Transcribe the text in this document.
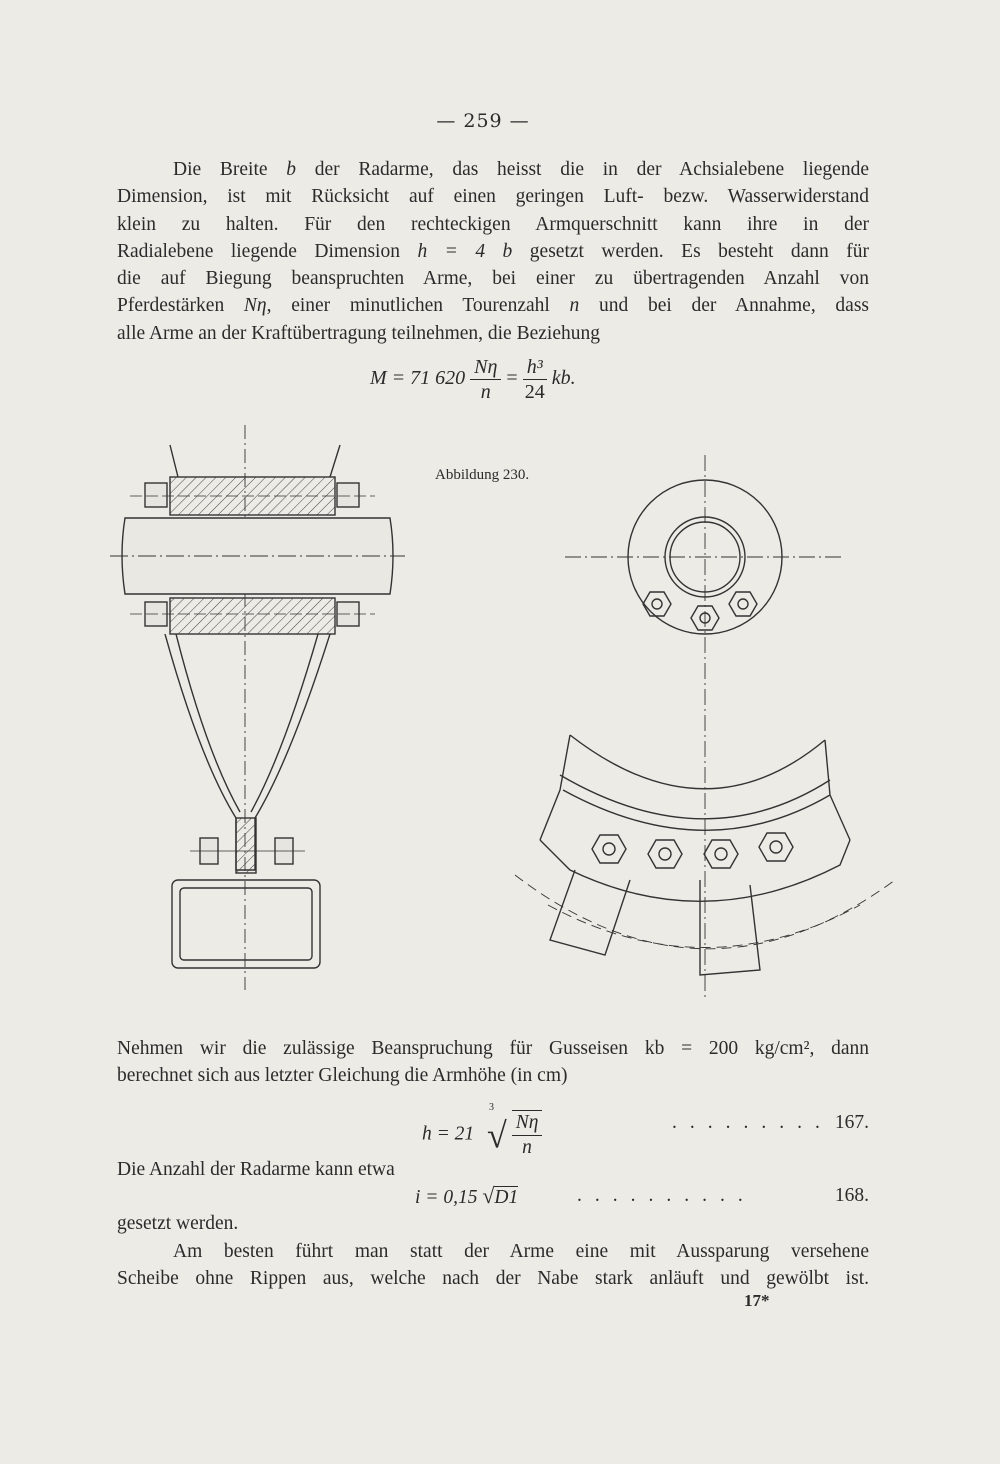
— 259 —
Die Breite b der Radarme, das heisst die in der Achsialebene liegende
Dimension, ist mit Rücksicht auf einen geringen Luft- bezw. Wasserwiderstand
klein zu halten. Für den rechteckigen Armquerschnitt kann ihre in der
Radialebene liegende Dimension h = 4 b gesetzt werden. Es besteht dann für
die auf Biegung beanspruchten Arme, bei einer zu übertragenden Anzahl von
Pferdestärken Nη, einer minutlichen Tourenzahl n und bei der Annahme, dass
alle Arme an der Kraftübertragung teilnehmen, die Beziehung
M = 71 $620 \frac{N\eta}{n} = \frac{\text{h³}}{24}$ kb.
Abbildung 230.
Nehmen wir die zulässige Beanspruchung für Gusseisen kb = 200 kg/cm², dann
berechnet sich aus letzter Gleichung die Armhöhe (in cm)
h = 21
3
√ $\frac{N\eta}{n}$	......... 167.
Die Anzahl der Radarme kann etwa
i = 0,15 √D1	..........	168.
gesetzt werden.
Am besten führt man statt der Arme eine mit Aussparung versehene
Scheibe ohne Rippen aus, welche nach der Nabe stark anläuft und gewölbt ist.
17*
